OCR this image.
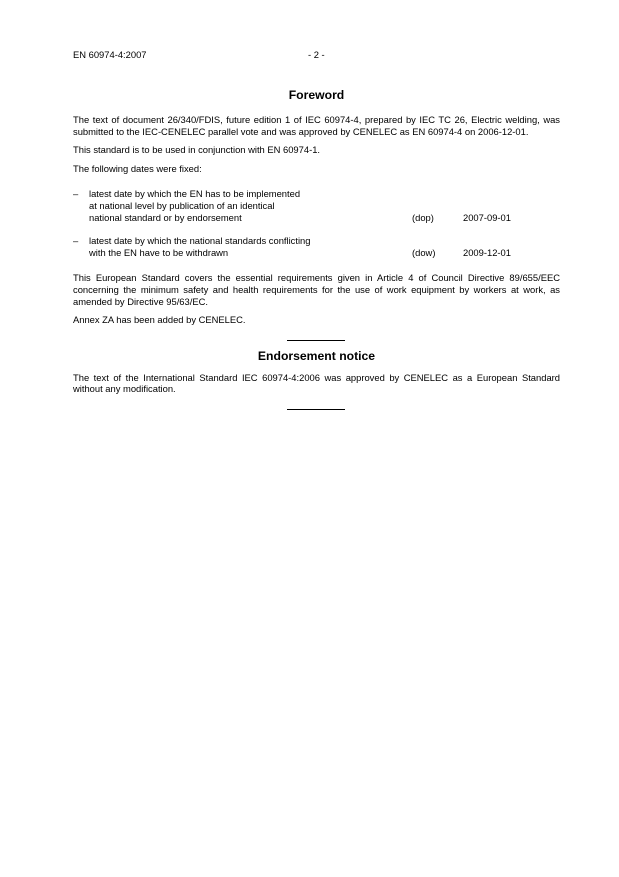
EN 60974-4:2007	- 2 -
Foreword

The text of document 26/340/FDIS, future edition 1 of IEC 60974-4, prepared by IEC TC 26, Electric welding, was submitted to the IEC-CENELEC parallel vote and was approved by CENELEC as EN 60974-4 on 2006-12-01.

This standard is to be used in conjunction with EN 60974-1.

The following dates were fixed:

– latest date by which the EN has to be implemented
at national level by publication of an identical
national standard or by endorsement	(dop)	2007-09-01
– latest date by which the national standards conflicting
with the EN have to be withdrawn	(dow)	2009-12-01

This European Standard covers the essential requirements given in Article 4 of Council Directive 89/655/EEC concerning the minimum safety and health requirements for the use of work equipment by workers at work, as amended by Directive 95/63/EC.

Annex ZA has been added by CENELEC.

Endorsement notice

The text of the International Standard IEC 60974-4:2006 was approved by CENELEC as a European Standard without any modification.
